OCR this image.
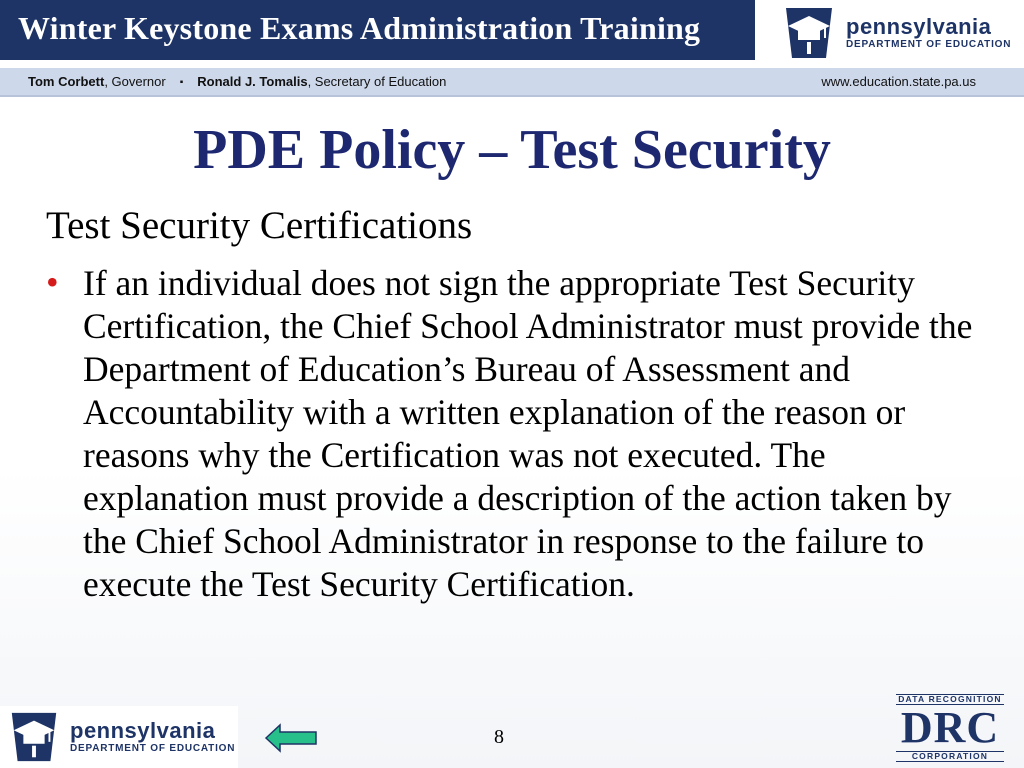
Winter Keystone Exams Administration Training	pennsylvania
DEPARTMENT OF EDUCATION
Tom Corbett, Governor ▪ Ronald J. Tomalis, Secretary of Education	www.education.state.pa.us
PDE Policy – Test Security
Test Security Certifications
• If an individual does not sign the appropriate Test Security Certification, the Chief School Administrator must provide the Department of Education’s Bureau of Assessment and Accountability with a written explanation of the reason or reasons why the Certification was not executed. The explanation must provide a description of the action taken by the Chief School Administrator in response to the failure to execute the Test Security Certification.
pennsylvania
DEPARTMENT OF EDUCATION
8
DATA RECOGNITION
DRC
CORPORATION
